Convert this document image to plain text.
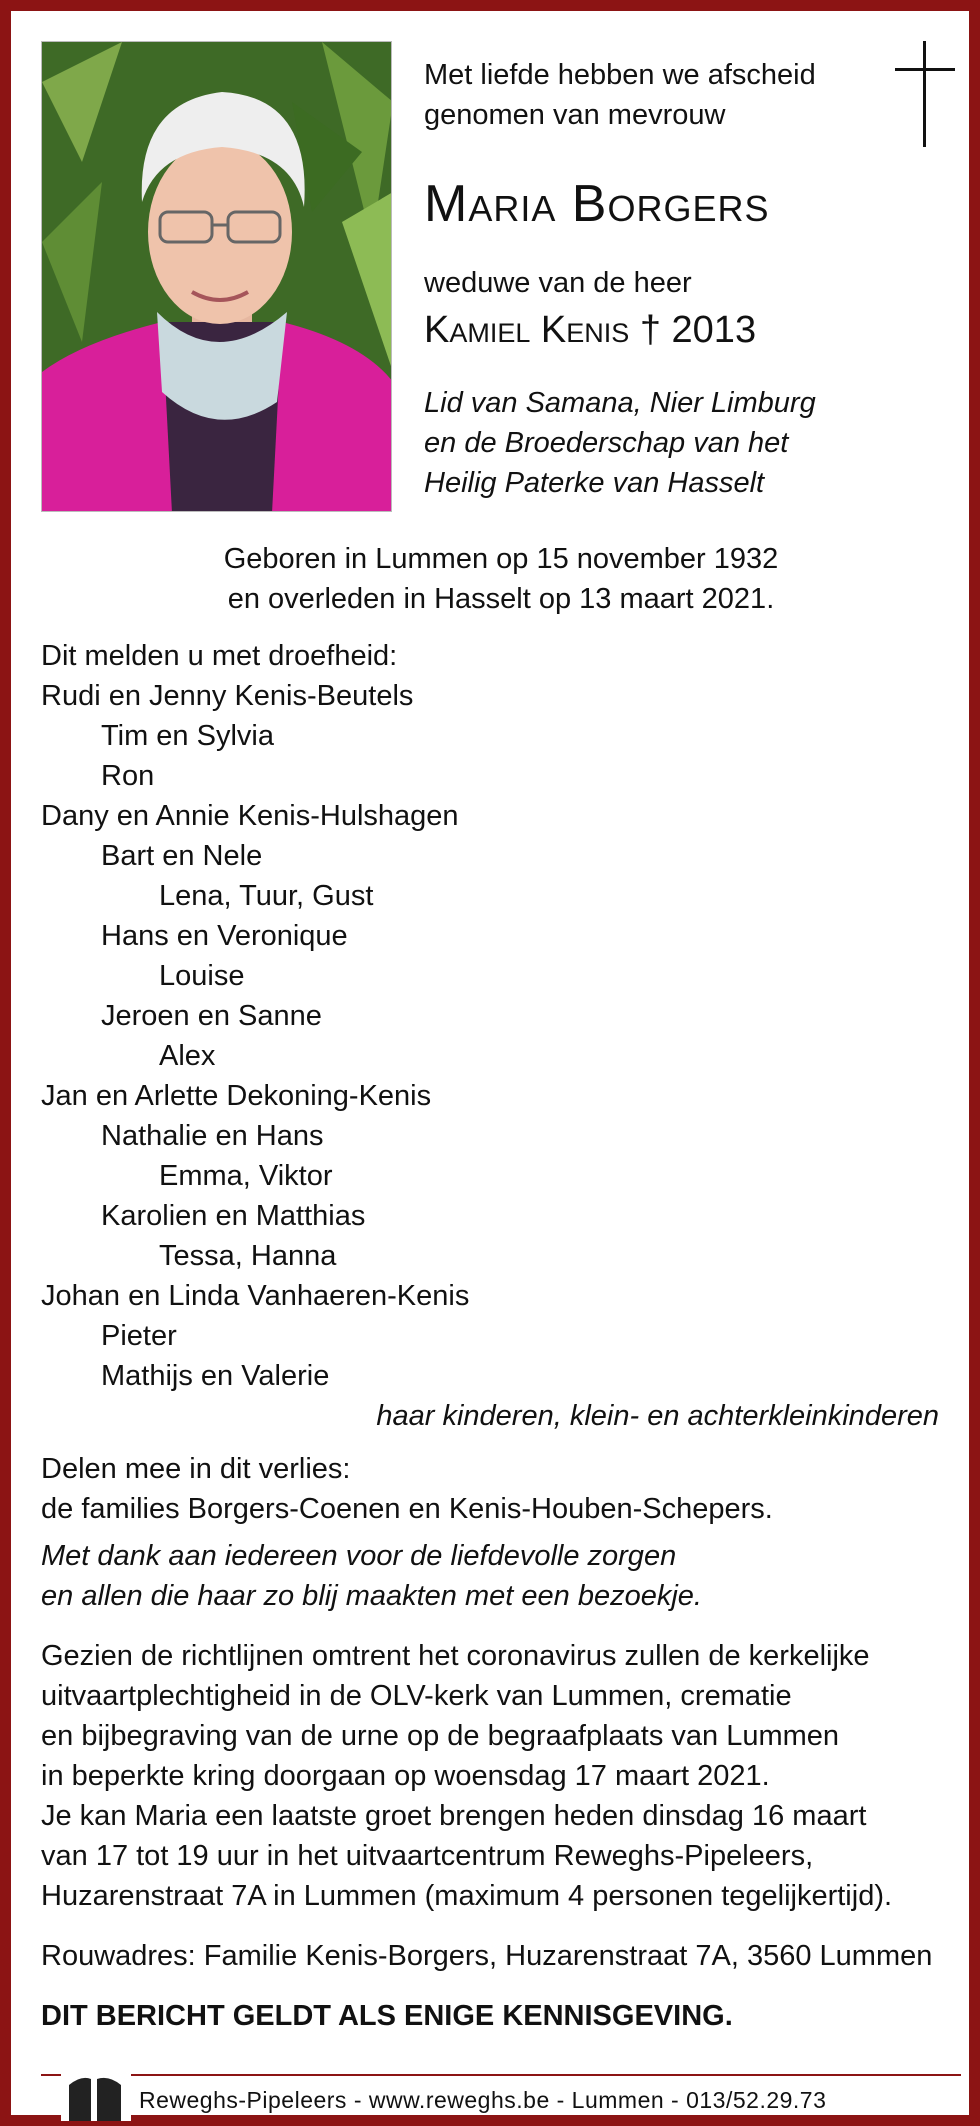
Met liefde hebben we afscheid
genomen van mevrouw
Maria Borgers
weduwe van de heer
Kamiel Kenis † 2013
Lid van Samana, Nier Limburg
en de Broederschap van het
Heilig Paterke van Hasselt
Geboren in Lummen op 15 november 1932
en overleden in Hasselt op 13 maart 2021.
Dit melden u met droefheid:
Rudi en Jenny Kenis-Beutels
Tim en Sylvia
Ron
Dany en Annie Kenis-Hulshagen
Bart en Nele
Lena, Tuur, Gust
Hans en Veronique
Louise
Jeroen en Sanne
Alex
Jan en Arlette Dekoning-Kenis
Nathalie en Hans
Emma, Viktor
Karolien en Matthias
Tessa, Hanna
Johan en Linda Vanhaeren-Kenis
Pieter
Mathijs en Valerie
haar kinderen, klein- en achterkleinkinderen
Delen mee in dit verlies:
de families Borgers-Coenen en Kenis-Houben-Schepers.
Met dank aan iedereen voor de liefdevolle zorgen
en allen die haar zo blij maakten met een bezoekje.
Gezien de richtlijnen omtrent het coronavirus zullen de kerkelijke
uitvaartplechtigheid in de OLV-kerk van Lummen, crematie
en bijbegraving van de urne op de begraafplaats van Lummen
in beperkte kring doorgaan op woensdag 17 maart 2021.
Je kan Maria een laatste groet brengen heden dinsdag 16 maart
van 17 tot 19 uur in het uitvaartcentrum Reweghs-Pipeleers,
Huzarenstraat 7A in Lummen (maximum 4 personen tegelijkertijd).
Rouwadres: Familie Kenis-Borgers, Huzarenstraat 7A, 3560 Lummen
DIT BERICHT GELDT ALS ENIGE KENNISGEVING.
Reweghs-Pipeleers - www.reweghs.be - Lummen - 013/52.29.73
